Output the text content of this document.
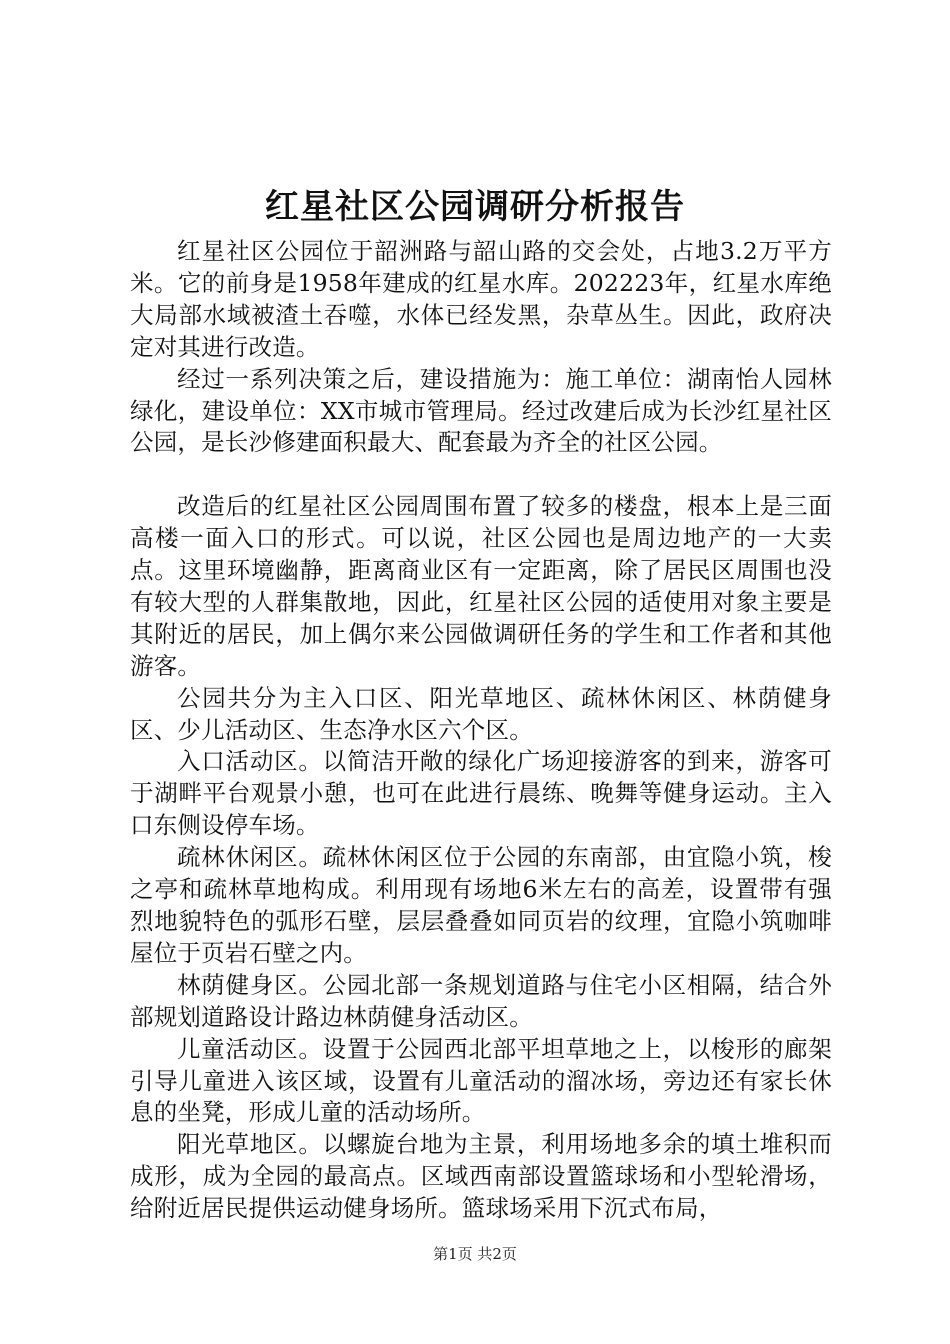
红星社区公园调研分析报告

红星社区公园位于韶洲路与韶山路的交会处，占地3.2万平方米。它的前身是1958年建成的红星水库。202223年，红星水库绝大局部水域被渣土吞噬，水体已经发黑，杂草丛生。因此，政府决定对其进行改造。

经过一系列决策之后，建设措施为：施工单位：湖南怡人园林绿化，建设单位：XX市城市管理局。经过改建后成为长沙红星社区公园，是长沙修建面积最大、配套最为齐全的社区公园。

改造后的红星社区公园周围布置了较多的楼盘，根本上是三面高楼一面入口的形式。可以说，社区公园也是周边地产的一大卖点。这里环境幽静，距离商业区有一定距离，除了居民区周围也没有较大型的人群集散地，因此，红星社区公园的适使用对象主要是其附近的居民，加上偶尔来公园做调研任务的学生和工作者和其他游客。

公园共分为主入口区、阳光草地区、疏林休闲区、林荫健身区、少儿活动区、生态净水区六个区。

入口活动区。以简洁开敞的绿化广场迎接游客的到来，游客可于湖畔平台观景小憩，也可在此进行晨练、晚舞等健身运动。主入口东侧设停车场。

疏林休闲区。疏林休闲区位于公园的东南部，由宜隐小筑，梭之亭和疏林草地构成。利用现有场地6米左右的高差，设置带有强烈地貌特色的弧形石壁，层层叠叠如同页岩的纹理，宜隐小筑咖啡屋位于页岩石壁之内。

林荫健身区。公园北部一条规划道路与住宅小区相隔，结合外部规划道路设计路边林荫健身活动区。

儿童活动区。设置于公园西北部平坦草地之上，以梭形的廊架引导儿童进入该区域，设置有儿童活动的溜冰场，旁边还有家长休息的坐凳，形成儿童的活动场所。

阳光草地区。以螺旋台地为主景，利用场地多余的填土堆积而成形，成为全园的最高点。区域西南部设置篮球场和小型轮滑场，给附近居民提供运动健身场所。篮球场采用下沉式布局，

第1页 共2页
